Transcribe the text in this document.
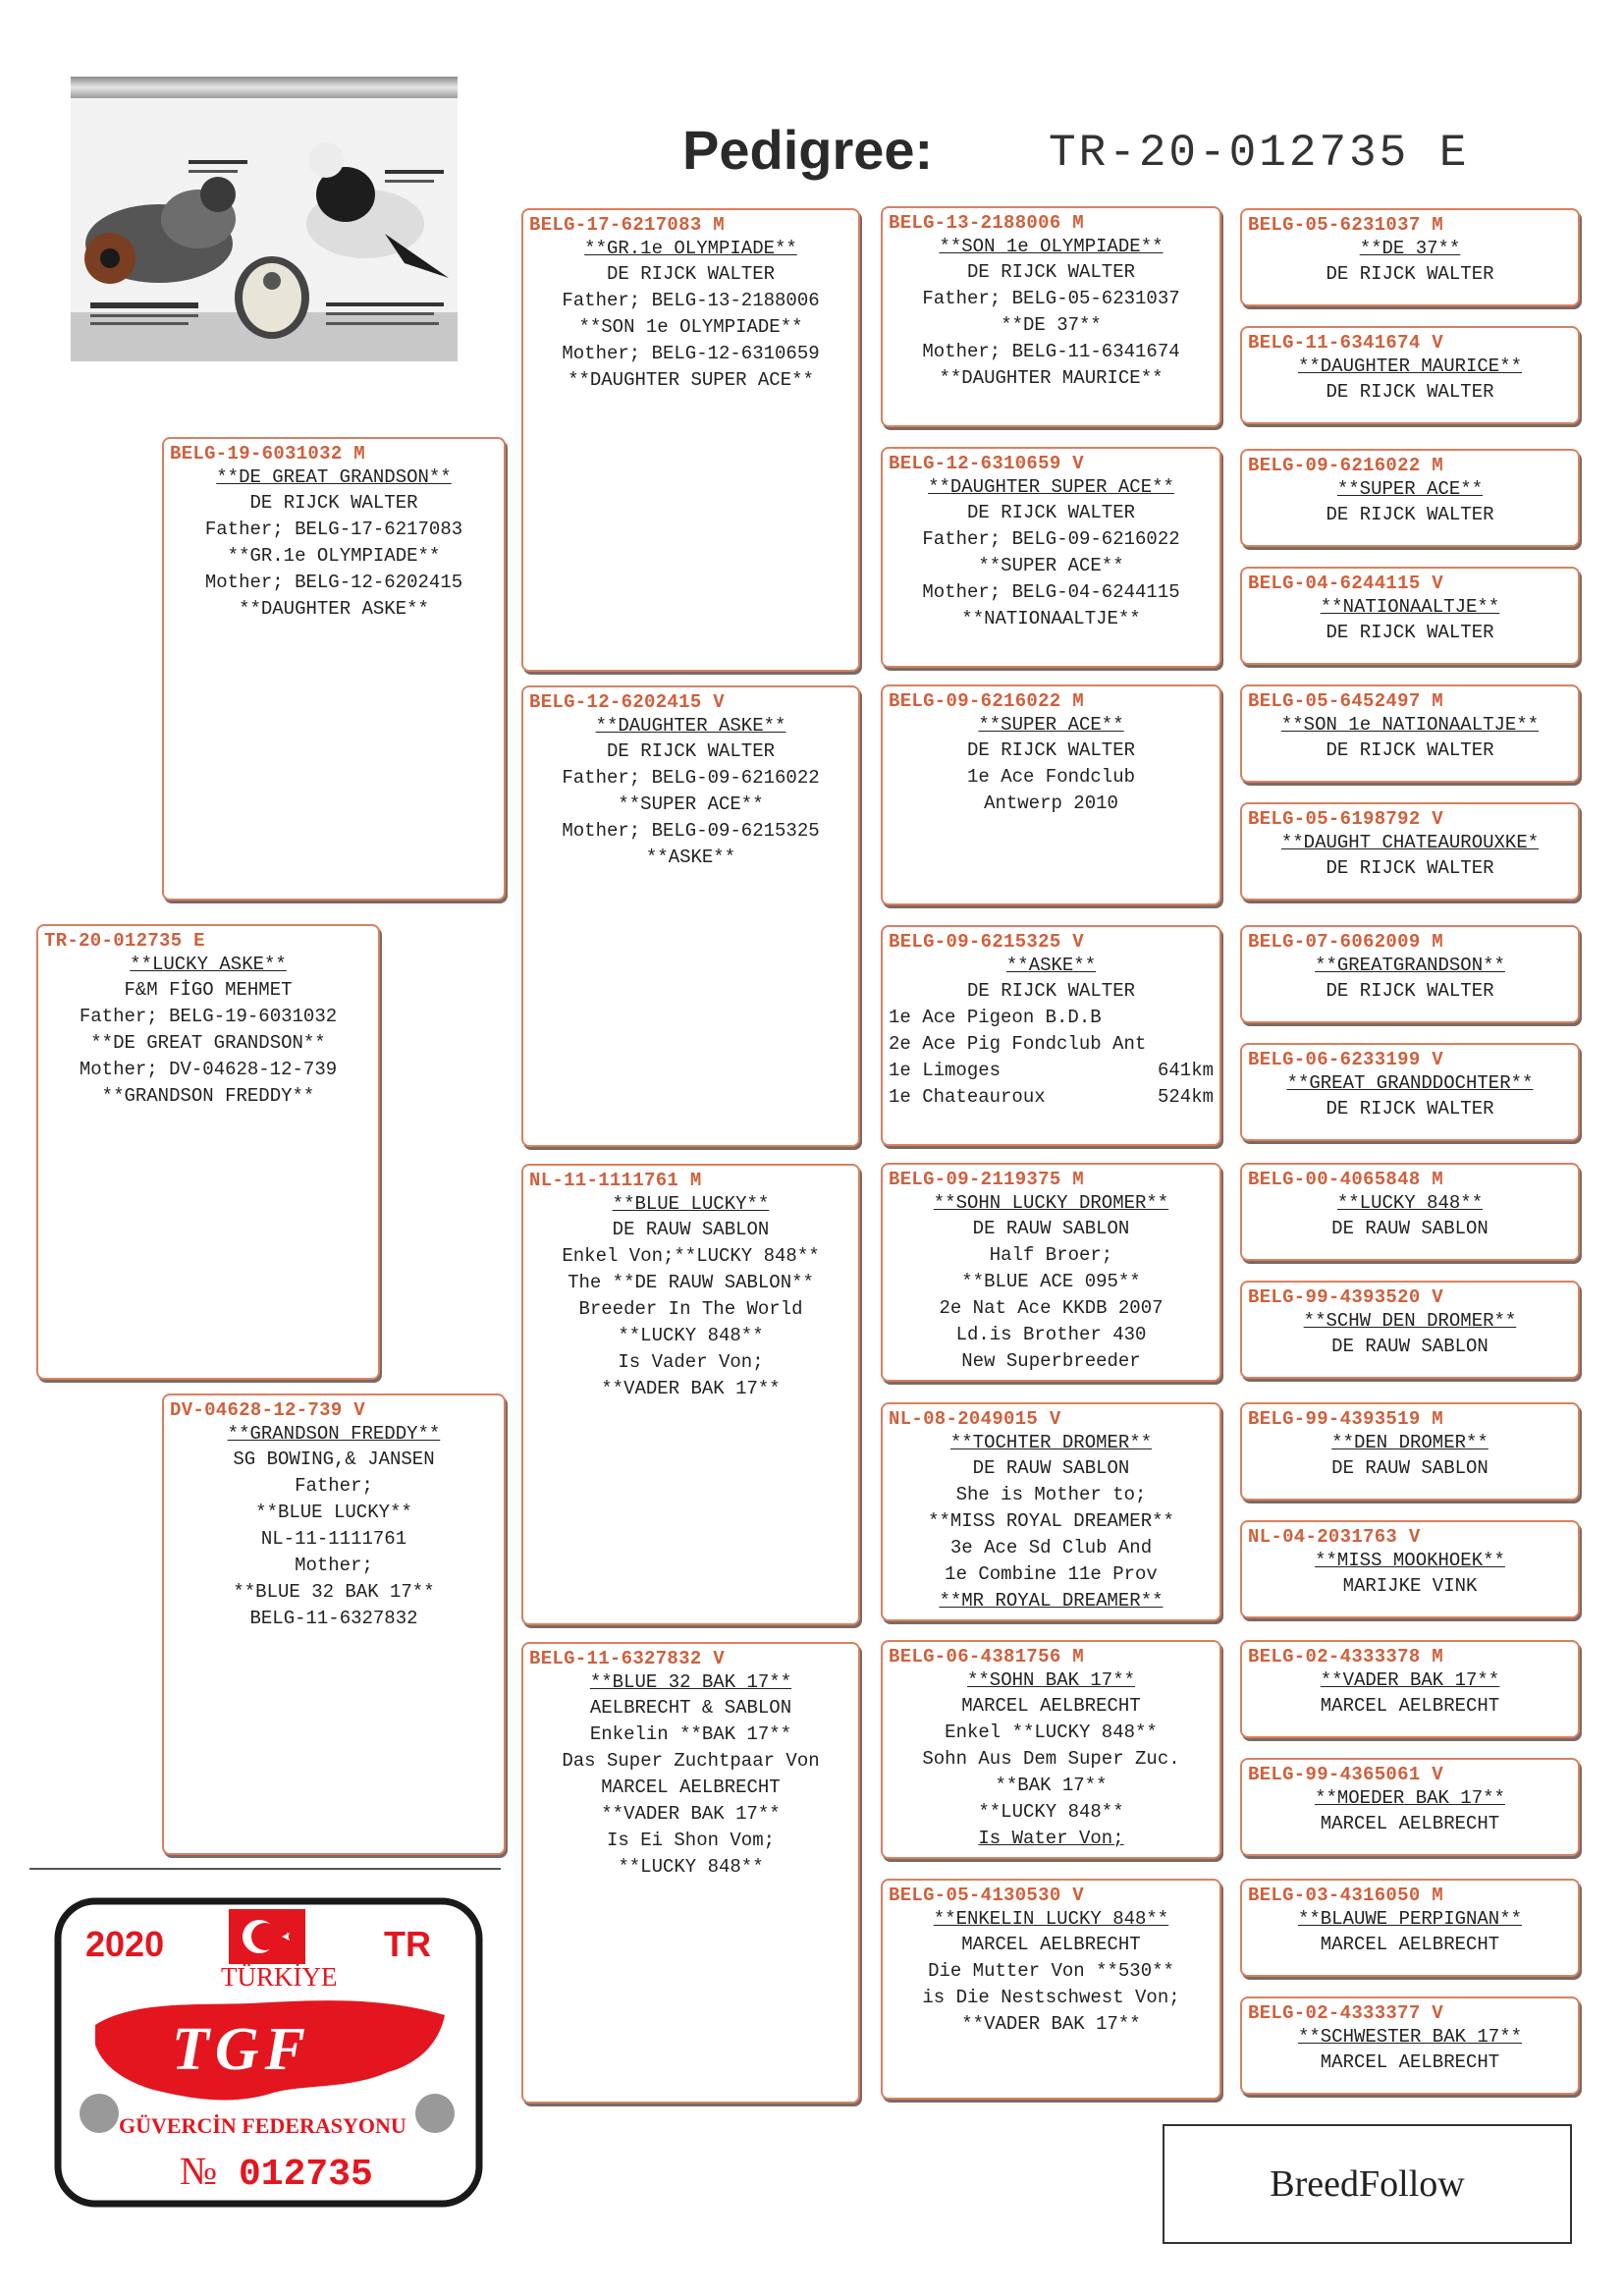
Pedigree:	TR-20-012735 E
TR-20-012735 E
**LUCKY ASKE**
F&M FİGO MEHMET
Father; BELG-19-6031032
**DE GREAT GRANDSON**
Mother; DV-04628-12-739
**GRANDSON FREDDY**
BELG-19-6031032 M
**DE GREAT GRANDSON**
DE RIJCK WALTER
Father; BELG-17-6217083
**GR.1e OLYMPIADE**
Mother; BELG-12-6202415
**DAUGHTER ASKE**
DV-04628-12-739 V
**GRANDSON FREDDY**
SG BOWING,& JANSEN
Father;
**BLUE LUCKY**
NL-11-1111761
Mother;
**BLUE 32 BAK 17**
BELG-11-6327832
BELG-17-6217083 M
**GR.1e OLYMPIADE**
DE RIJCK WALTER
Father; BELG-13-2188006
**SON 1e OLYMPIADE**
Mother; BELG-12-6310659
**DAUGHTER SUPER ACE**
BELG-12-6202415 V
**DAUGHTER ASKE**
DE RIJCK WALTER
Father; BELG-09-6216022
**SUPER ACE**
Mother; BELG-09-6215325
**ASKE**
NL-11-1111761 M
**BLUE LUCKY**
DE RAUW SABLON
Enkel Von;**LUCKY 848**
The **DE RAUW SABLON**
Breeder In The World
**LUCKY 848**
Is Vader Von;
**VADER BAK 17**
BELG-11-6327832 V
**BLUE 32 BAK 17**
AELBRECHT & SABLON
Enkelin **BAK 17**
Das Super Zuchtpaar Von
MARCEL AELBRECHT
**VADER BAK 17**
Is Ei Shon Vom;
**LUCKY 848**
BELG-13-2188006 M
**SON 1e OLYMPIADE**
DE RIJCK WALTER
Father; BELG-05-6231037
**DE 37**
Mother; BELG-11-6341674
**DAUGHTER MAURICE**
BELG-12-6310659 V
**DAUGHTER SUPER ACE**
DE RIJCK WALTER
Father; BELG-09-6216022
**SUPER ACE**
Mother; BELG-04-6244115
**NATIONAALTJE**
BELG-09-6216022 M
**SUPER ACE**
DE RIJCK WALTER
1e Ace Fondclub
Antwerp 2010
BELG-09-6215325 V
**ASKE**
DE RIJCK WALTER
1e Ace Pigeon B.D.B
2e Ace Pig Fondclub Ant
1e Limoges	641km
1e Chateauroux	524km
BELG-09-2119375 M
**SOHN LUCKY DROMER**
DE RAUW SABLON
Half Broer;
**BLUE ACE 095**
2e Nat Ace KKDB 2007
Ld.is Brother 430
New Superbreeder
NL-08-2049015 V
**TOCHTER DROMER**
DE RAUW SABLON
She is Mother to;
**MISS ROYAL DREAMER**
3e Ace Sd Club And
1e Combine 11e Prov
**MR ROYAL DREAMER**
BELG-06-4381756 M
**SOHN BAK 17**
MARCEL AELBRECHT
Enkel **LUCKY 848**
Sohn Aus Dem Super Zuc.
**BAK 17**
**LUCKY 848**
Is Water Von;
BELG-05-4130530 V
**ENKELIN LUCKY 848**
MARCEL AELBRECHT
Die Mutter Von **530**
is Die Nestschwest Von;
**VADER BAK 17**
BELG-05-6231037 M
**DE 37**
DE RIJCK WALTER
BELG-11-6341674 V
**DAUGHTER MAURICE**
DE RIJCK WALTER
BELG-09-6216022 M
**SUPER ACE**
DE RIJCK WALTER
BELG-04-6244115 V
**NATIONAALTJE**
DE RIJCK WALTER
BELG-05-6452497 M
**SON 1e NATIONAALTJE**
DE RIJCK WALTER
BELG-05-6198792 V
**DAUGHT CHATEAUROUXKE*
DE RIJCK WALTER
BELG-07-6062009 M
**GREATGRANDSON**
DE RIJCK WALTER
BELG-06-6233199 V
**GREAT GRANDDOCHTER**
DE RIJCK WALTER
BELG-00-4065848 M
**LUCKY 848**
DE RAUW SABLON
BELG-99-4393520 V
**SCHW DEN DROMER**
DE RAUW SABLON
BELG-99-4393519 M
**DEN DROMER**
DE RAUW SABLON
NL-04-2031763 V
**MISS MOOKHOEK**
MARIJKE VINK
BELG-02-4333378 M
**VADER BAK 17**
MARCEL AELBRECHT
BELG-99-4365061 V
**MOEDER BAK 17**
MARCEL AELBRECHT
BELG-03-4316050 M
**BLAUWE PERPIGNAN**
MARCEL AELBRECHT
BELG-02-4333377 V
**SCHWESTER BAK 17**
MARCEL AELBRECHT
2020	TR
TÜRKİYE
TGF
GÜVERCİN FEDERASYONU
№ 012735	BreedFollow
